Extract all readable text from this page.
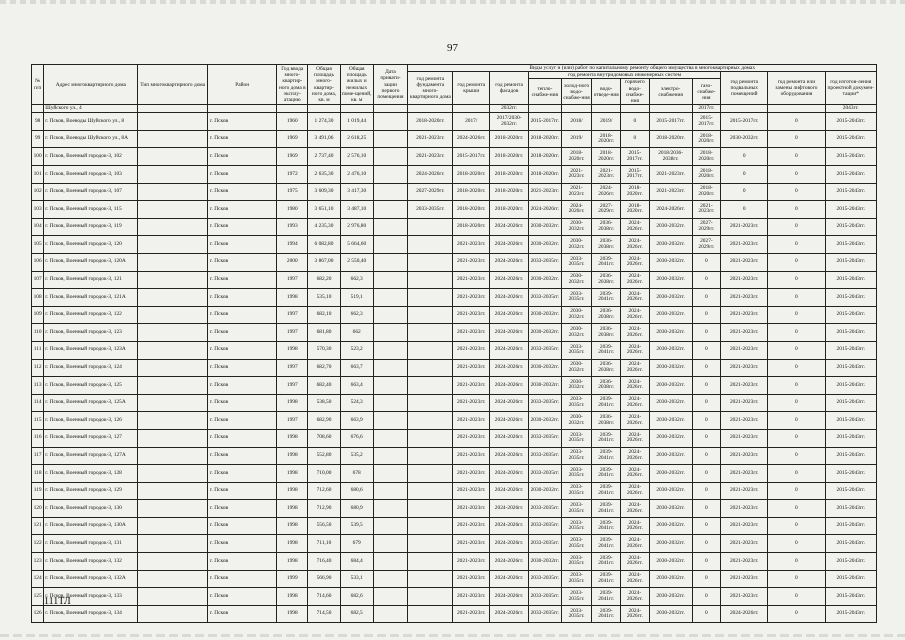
97
№ п/п	Адрес многоквартирного дома	Тип многоквартирного дома	Район	Год ввода много-квартир-ного дома в эксплу-атацию	Общая площадь много-квартир-ного дома, кв. м	Общая площадь жилых и нежилых поме-щений, кв. м	Дата привати-зации первого помещения	Виды услуг и (или) работ по капитальному ремонту общего имущества в многоквартирных домах											
								год ремонта фундамента много-квартирного дома	год ремонта крыши	год ремонта фасадов	год ремонта внутридомовых инженерных систем						год ремонта подвальных помещений	год ремонта или замены лифтового оборудования	год изготов-ления проектной докумен-тации*
											тепло-снабже-ния	холод-ного водо-снабже-ния	водо-отведе-ния	горячего водо-снабже-ния	электро-снабжения	газо-снабже-ния			
	Шуйского ул., 4									2032гг.						2017гг.			2043гг.
98	г. Псков, Воеводы Шуйского ул., 8		г. Псков	1960	1 274,30	1 019,44		2018-2020гг.	2017/	2017/2030-2032гг.	2015-2017гг.	2018/	2019/	0	2015-2017гг.	2015-2017гг.	2015-2017гг.	0	2015-2043гг.
99	г. Псков, Воеводы Шуйского ул., 8А		г. Псков	1969	3 491,06	2 618,25		2021-2023гг.	2024-2026гг.	2018-2020гг.	2018-2020гг.	2019/	2018-2020гг.	0	2018-2020гг.	2018-2020гг.	2030-2032гг.	0	2015-2043гг.
100	г. Псков, Военный городок-3, 102		г. Псков	1969	2 737,40	2 576,10		2021-2023гг.	2015-2017гг.	2018-2020гг.	2018-2020гг.	2018-2020гг.	2018-2020гг.	2015-2017гг.	2018/2036-2038гг.	2018-2020гг.	0	0	2015-2043гг.
101	г. Псков, Военный городок-3, 103		г. Псков	1972	2 635,30	2 476,10		2024-2026гг.	2018-2020гг.	2018-2020гг.	2018-2020гг.	2021-2023гг.	2021-2023гг.	2015-2017гг.	2021-2023гг.	2018-2020гг.	0	0	2015-2043гг.
102	г. Псков, Военный городок-3, 107		г. Псков	1975	3 609,30	3 417,30		2027-2029гг.	2018-2020гг.	2018-2020гг.	2021-2023гг.	2021-2023гг.	2024-2026гг.	2018-2020гг.	2021-2023гг.	2018-2020гг.	0	0	2015-2043гг.
103	г. Псков, Военный городок-3, 115		г. Псков	1980	3 651,10	3 487,10		2033-2035гг.	2018-2020гг.	2018-2020гг.	2024-2026гг.	2024-2026гг.	2027-2029гг.	2018-2020гг.	2024-2026гг.	2021-2023гг.	0	0	2015-2043гг.
104	г. Псков, Военный городок-3, 119		г. Псков	1993	4 235,30	2 976,80			2018-2020гг.	2024-2026гг.	2030-2032гг.	2030-2032гг.	2036-2038гг.	2024-2026гг.	2030-2032гг.	2027-2029гг.	2021-2023гг.	0	2015-2043гг.
105	г. Псков, Военный городок-3, 120		г. Псков	1994	6 082,80	5 664,60			2021-2023гг.	2024-2026гг.	2030-2032гг.	2030-2032гг.	2036-2038гг.	2024-2026гг.	2030-2032гг.	2027-2029гг.	2021-2023гг.	0	2015-2043гг.
106	г. Псков, Военный городок-3, 120А		г. Псков	2000	3 867,00	2 550,40			2021-2023гг.	2024-2026гг.	2033-2035гг.	2033-2035гг.	2039-2041гг.	2024-2026гг.	2030-2032гг.	0	2021-2023гг.	0	2015-2043гг.
107	г. Псков, Военный городок-3, 121		г. Псков	1997	682,20	662,3			2021-2023гг.	2024-2026гг.	2030-2032гг.	2030-2032гг.	2036-2038гг.	2024-2026гг.	2030-2032гг.	0	2021-2023гг.	0	2015-2043гг.
108	г. Псков, Военный городок-3, 121А		г. Псков	1998	535,10	519,1			2021-2023гг.	2024-2026гг.	2033-2035гг.	2033-2035гг.	2039-2041гг.	2024-2026гг.	2030-2032гг.	0	2021-2023гг.	0	2015-2043гг.
109	г. Псков, Военный городок-3, 122		г. Псков	1997	682,10	662,3			2021-2023гг.	2024-2026гг.	2030-2032гг.	2030-2032гг.	2036-2038гг.	2024-2026гг.	2030-2032гг.	0	2021-2023гг.	0	2015-2043гг.
110	г. Псков, Военный городок-3, 123		г. Псков	1997	681,80	662			2021-2023гг.	2024-2026гг.	2030-2032гг.	2030-2032гг.	2036-2038гг.	2024-2026гг.	2030-2032гг.	0	2021-2023гг.	0	2015-2043гг.
111	г. Псков, Военный городок-3, 123А		г. Псков	1998	570,30	523,2			2021-2023гг.	2024-2026гг.	2033-2035гг.	2033-2035гг.	2039-2041гг.	2024-2026гг.	2030-2032гг.	0	2021-2023гг.	0	2015-2043гг.
112	г. Псков, Военный городок-3, 124		г. Псков	1997	682,70	663,7			2021-2023гг.	2024-2026гг.	2030-2032гг.	2030-2032гг.	2036-2038гг.	2024-2026гг.	2030-2032гг.	0	2021-2023гг.	0	2015-2043гг.
113	г. Псков, Военный городок-3, 125		г. Псков	1997	682,40	663,4			2021-2023гг.	2024-2026гг.	2030-2032гг.	2030-2032гг.	2036-2038гг.	2024-2026гг.	2030-2032гг.	0	2021-2023гг.	0	2015-2043гг.
114	г. Псков, Военный городок-3, 125А		г. Псков	1998	538,50	524,3			2021-2023гг.	2024-2026гг.	2033-2035гг.	2033-2035гг.	2039-2041гг.	2024-2026гг.	2030-2032гг.	0	2021-2023гг.	0	2015-2043гг.
115	г. Псков, Военный городок-3, 126		г. Псков	1997	682,90	663,9			2021-2023гг.	2024-2026гг.	2030-2032гг.	2030-2032гг.	2036-2038гг.	2024-2026гг.	2030-2032гг.	0	2021-2023гг.	0	2015-2043гг.
116	г. Псков, Военный городок-3, 127		г. Псков	1998	708,60	676,6			2021-2023гг.	2024-2026гг.	2033-2035гг.	2033-2035гг.	2039-2041гг.	2024-2026гг.	2030-2032гг.	0	2021-2023гг.	0	2015-2043гг.
117	г. Псков, Военный городок-3, 127А		г. Псков	1998	552,80	535,2			2021-2023гг.	2024-2026гг.	2033-2035гг.	2033-2035гг.	2039-2041гг.	2024-2026гг.	2030-2032гг.	0	2021-2023гг.	0	2015-2043гг.
118	г. Псков, Военный городок-3, 128		г. Псков	1998	710,00	678			2021-2023гг.	2024-2026гг.	2033-2035гг.	2033-2035гг.	2039-2041гг.	2024-2026гг.	2030-2032гг.	0	2021-2023гг.	0	2015-2043гг.
119	г. Псков, Военный городок-3, 129		г. Псков	1998	712,60	680,6			2021-2023гг.	2024-2026гг.	2030-2032гг.	2033-2035гг.	2039-2041гг.	2024-2026гг.	2030-2032гг.	0	2021-2023гг.	0	2015-2043гг.
120	г. Псков, Военный городок-3, 130		г. Псков	1998	712,90	680,9			2021-2023гг.	2024-2026гг.	2033-2035гг.	2033-2035гг.	2039-2041гг.	2024-2026гг.	2030-2032гг.	0	2021-2023гг.	0	2015-2043гг.
121	г. Псков, Военный городок-3, 130А		г. Псков	1998	556,50	539,5			2021-2023гг.	2024-2026гг.	2033-2035гг.	2033-2035гг.	2039-2041гг.	2024-2026гг.	2030-2032гг.	0	2021-2023гг.	0	2015-2043гг.
122	г. Псков, Военный городок-3, 131		г. Псков	1998	711,10	679			2021-2023гг.	2024-2026гг.	2033-2035гг.	2033-2035гг.	2039-2041гг.	2024-2026гг.	2030-2032гг.	0	2021-2023гг.	0	2015-2043гг.
123	г. Псков, Военный городок-3, 132		г. Псков	1998	716,40	684,4			2021-2023гг.	2024-2026гг.	2030-2032гг.	2033-2035гг.	2039-2041гг.	2024-2026гг.	2030-2032гг.	0	2021-2023гг.	0	2015-2043гг.
124	г. Псков, Военный городок-3, 132А		г. Псков	1999	566,90	533,1			2021-2023гг.	2024-2026гг.	2033-2035гг.	2033-2035гг.	2039-2041гг.	2024-2026гг.	2030-2032гг.	0	2021-2023гг.	0	2015-2043гг.
125	г. Псков, Военный городок-3, 133		г. Псков	1998	714,60	682,6			2021-2023гг.	2024-2026гг.	2033-2035гг.	2033-2035гг.	2039-2041гг.	2024-2026гг.	2030-2032гг.	0	2021-2023гг.	0	2015-2043гг.
126	г. Псков, Военный городок-3, 134		г. Псков	1998	714,50	682,5			2021-2023гг.	2024-2026гг.	2033-2035гг.	2033-2035гг.	2039-2041гг.	2024-2026гг.	2030-2032гг.	0	2024-2026гг.	0	2015-2043гг.
111ТЛ
